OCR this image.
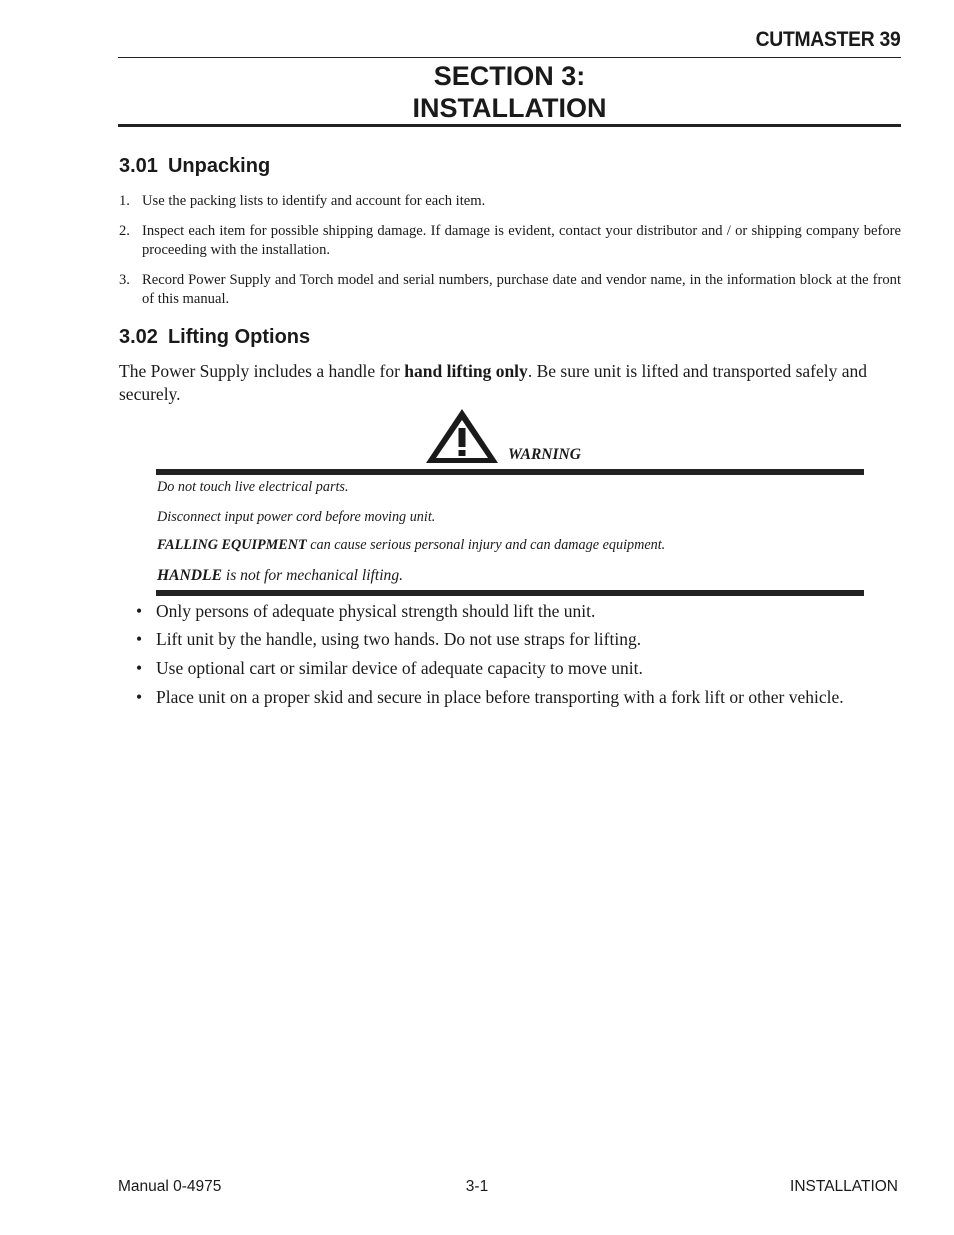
CUTMASTER 39
SECTION 3:
INSTALLATION
3.01 Unpacking
1. Use the packing lists to identify and account for each item.
2. Inspect each item for possible shipping damage. If damage is evident, contact your distributor and / or shipping company before proceeding with the installation.
3. Record Power Supply and Torch model and serial numbers, purchase date and vendor name, in the information block at the front of this manual.
3.02 Lifting Options
The Power Supply includes a handle for hand lifting only. Be sure unit is lifted and transported safely and securely.
WARNING
Do not touch live electrical parts.
Disconnect input power cord before moving unit.
FALLING EQUIPMENT can cause serious personal injury and can damage equipment.
HANDLE is not for mechanical lifting.
• Only persons of adequate physical strength should lift the unit.
• Lift unit by the handle, using two hands. Do not use straps for lifting.
• Use optional cart or similar device of adequate capacity to move unit.
• Place unit on a proper skid and secure in place before transporting with a fork lift or other vehicle.
Manual 0-4975	3-1	INSTALLATION
